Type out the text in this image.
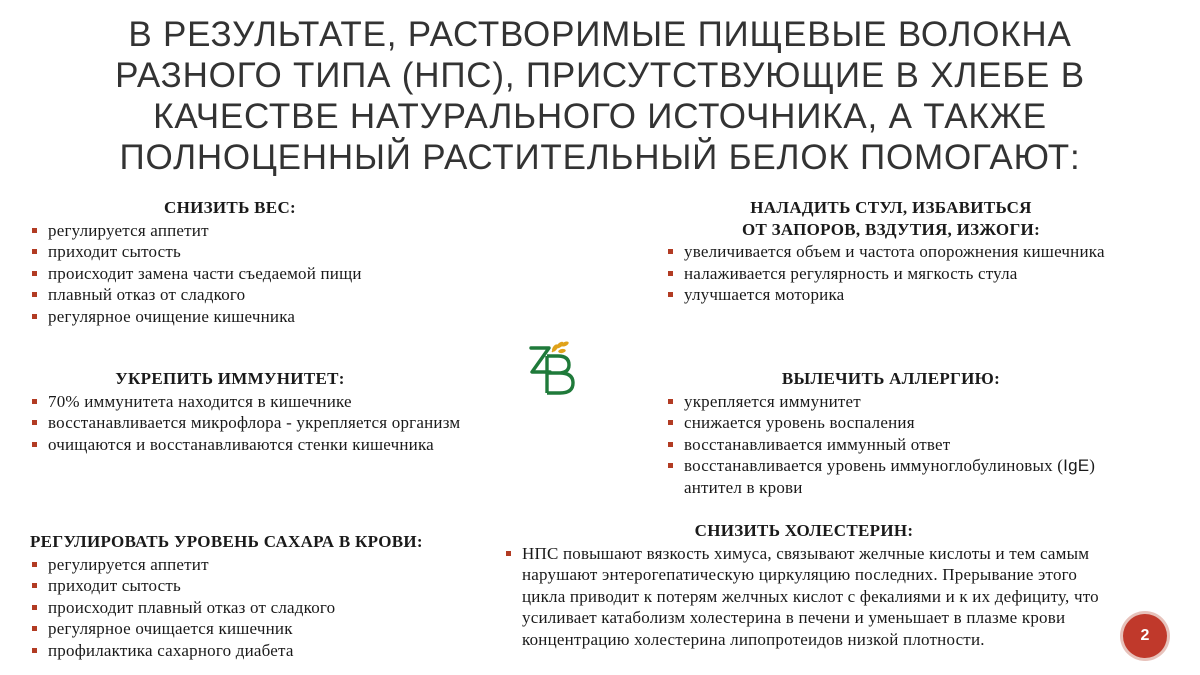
В РЕЗУЛЬТАТЕ, РАСТВОРИМЫЕ ПИЩЕВЫЕ ВОЛОКНА
РАЗНОГО ТИПА (НПС), ПРИСУТСТВУЮЩИЕ В ХЛЕБЕ В
КАЧЕСТВЕ НАТУРАЛЬНОГО ИСТОЧНИКА, А ТАКЖЕ
ПОЛНОЦЕННЫЙ РАСТИТЕЛЬНЫЙ БЕЛОК ПОМОГАЮТ:
СНИЗИТЬ ВЕС:
регулируется аппетит
приходит сытость
происходит замена части съедаемой пищи
плавный отказ от сладкого
регулярное очищение кишечника
НАЛАДИТЬ СТУЛ, ИЗБАВИТЬСЯ
ОТ ЗАПОРОВ, ВЗДУТИЯ, ИЗЖОГИ:
увеличивается объем и частота опорожнения кишечника
налаживается регулярность и мягкость стула
улучшается моторика
УКРЕПИТЬ ИММУНИТЕТ:
70% иммунитета находится в кишечнике
восстанавливается микрофлора - укрепляется организм
очищаются и восстанавливаются стенки кишечника
ВЫЛЕЧИТЬ АЛЛЕРГИЮ:
укрепляется иммунитет
снижается уровень воспаления
восстанавливается иммунный ответ
восстанавливается уровень иммуноглобулиновых (IgE) антител в крови
РЕГУЛИРОВАТЬ УРОВЕНЬ САХАРА В КРОВИ:
регулируется аппетит
приходит сытость
происходит плавный отказ от сладкого
регулярное очищается кишечник
профилактика сахарного диабета
СНИЗИТЬ ХОЛЕСТЕРИН:
НПС повышают вязкость химуса, связывают желчные кислоты и тем самым нарушают энтерогепатическую циркуляцию последних. Прерывание этого цикла приводит к потерям желчных кислот с фекалиями и к их дефициту, что усиливает катаболизм холестерина в печени и уменьшает в плазме крови концентрацию холестерина липопротеидов низкой плотности.	2
